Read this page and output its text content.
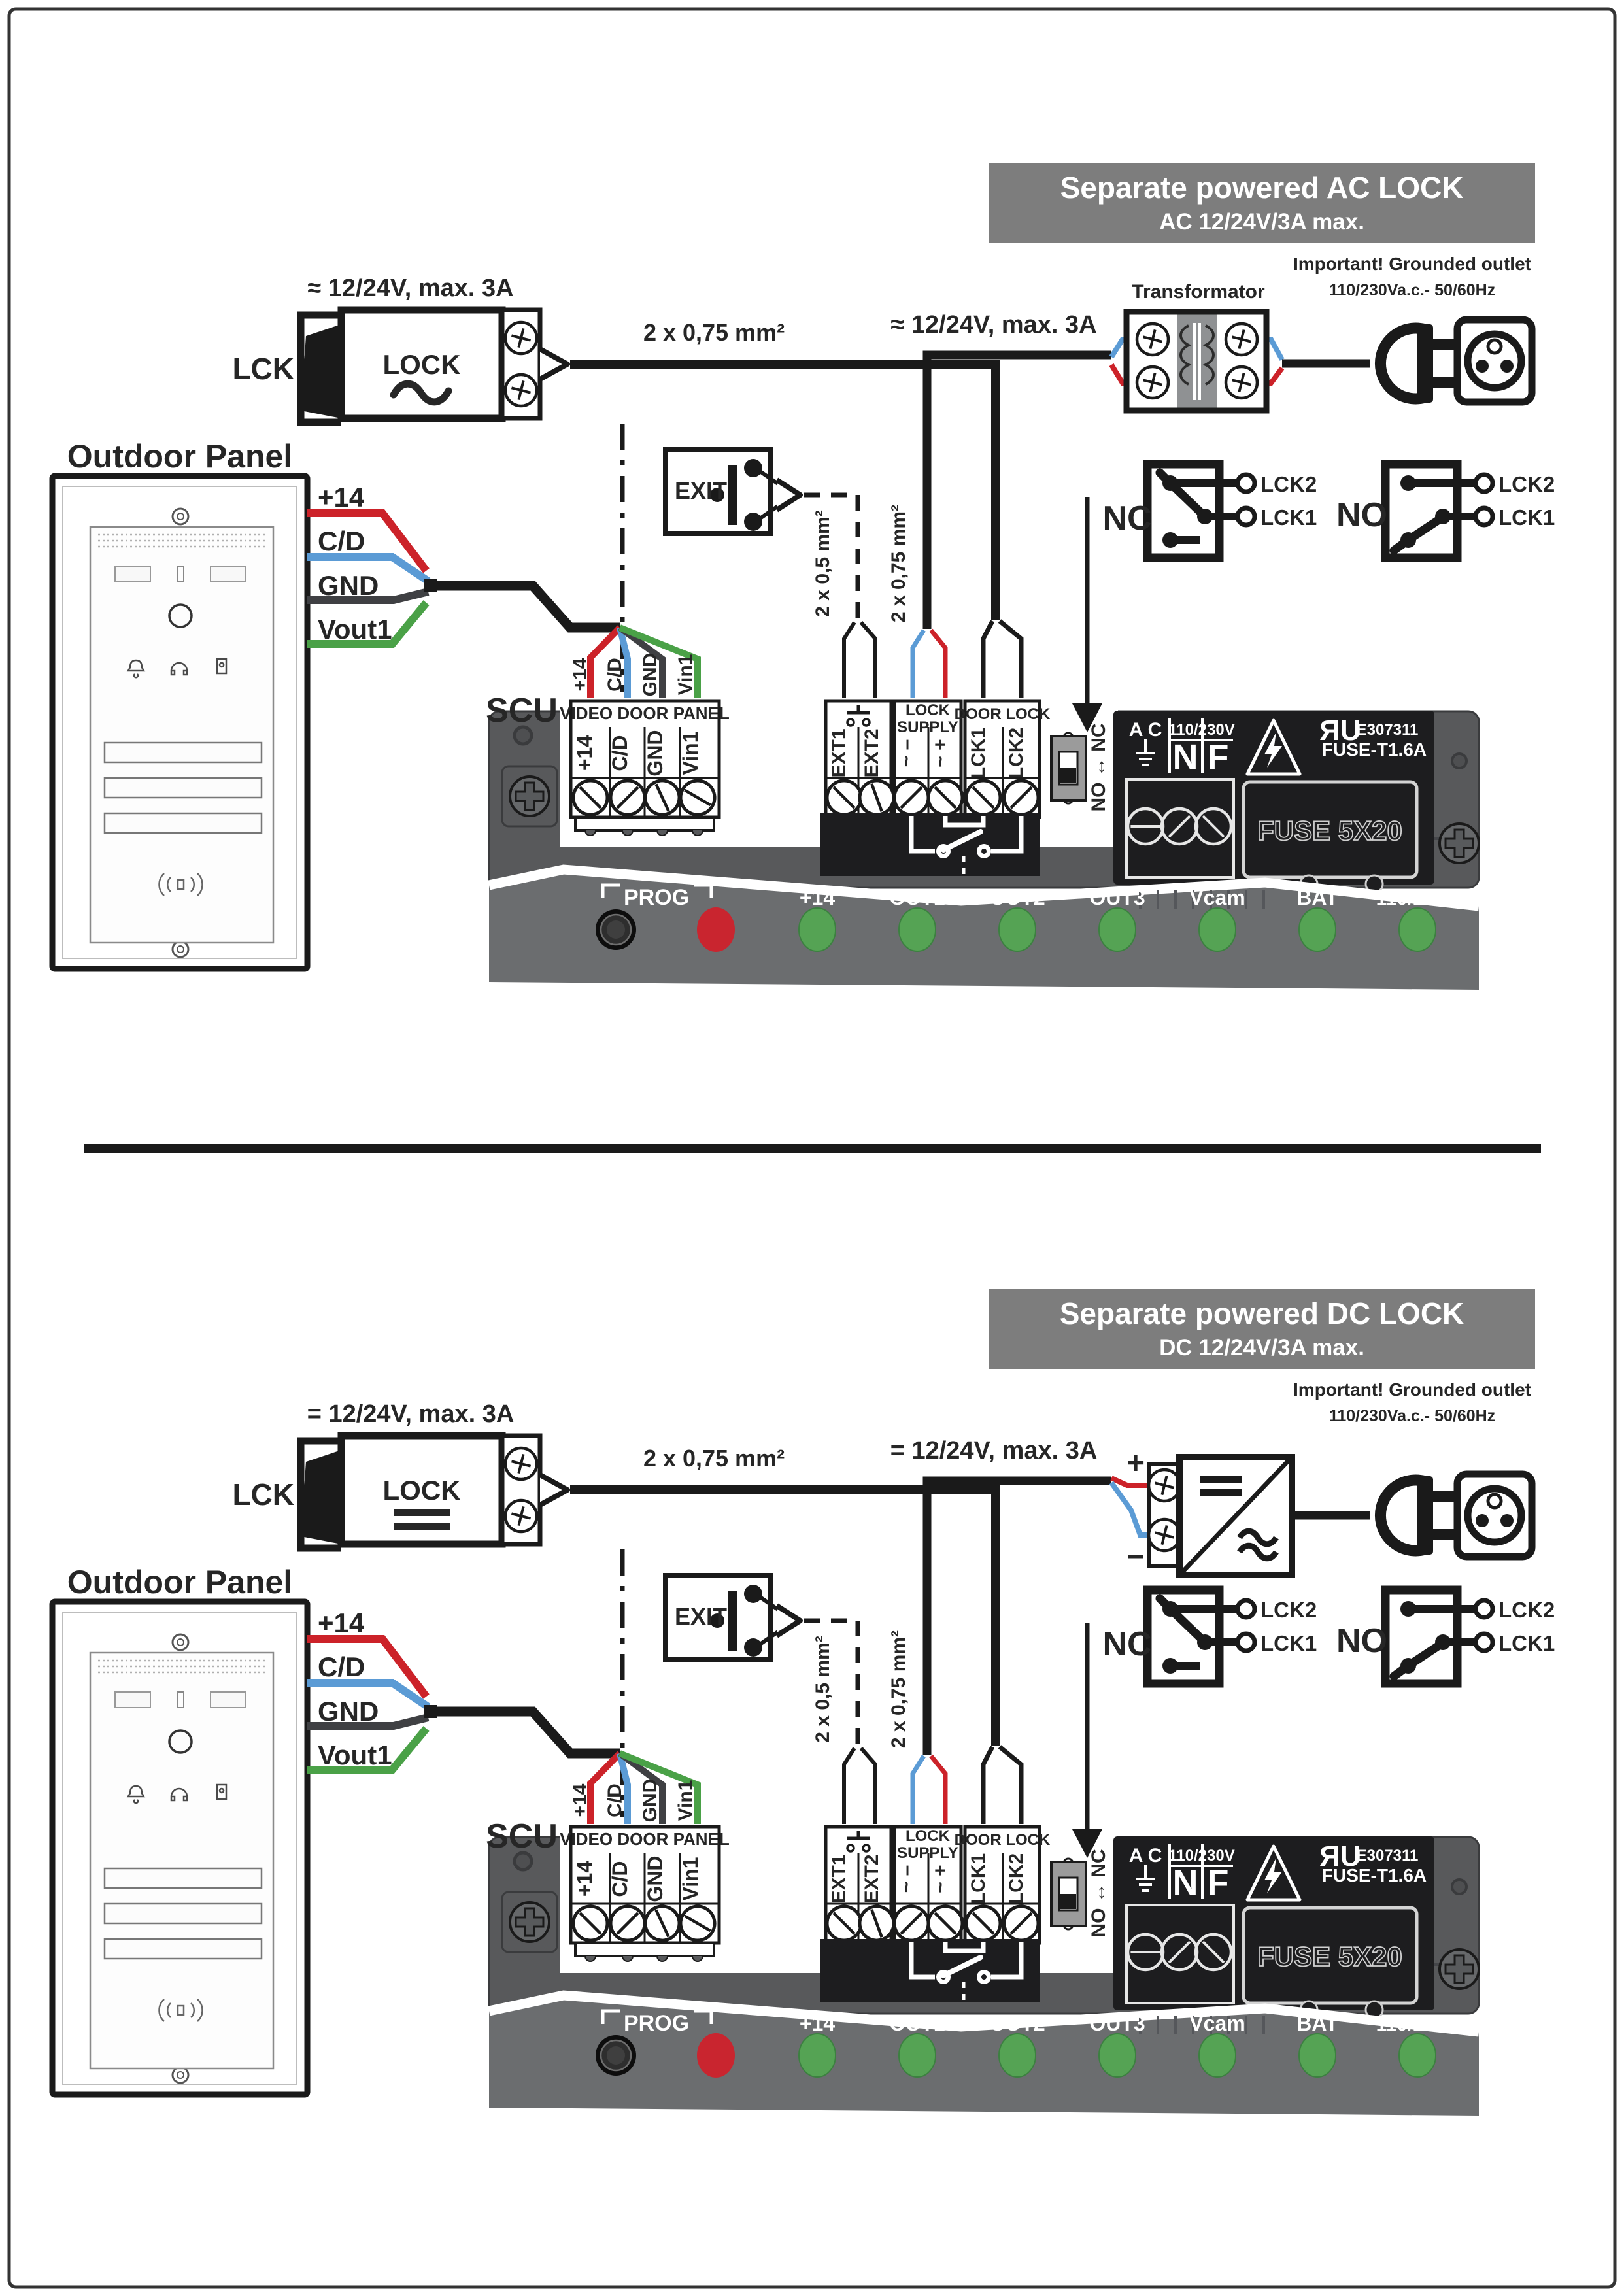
Separate powered AC LOCK
AC 12/24V/3A max.
Important! Grounded outlet
110/230Va.c.- 50/60Hz
Transformator
≈ 12/24V, max. 3A
≈ 12/24V, max. 3A
2 x 0,75 mm²
LCK	LOCK
Outdoor Panel
+14
C/D
GND
Vout1
EXIT
2 x 0,5 mm²	2 x 0,75 mm²
SCU
+14 C/D GND Vin1
VIDEO DOOR PANEL
+14 C/D GND Vin1	EXT1 EXT2
LOCK
SUPPLY
~ – ~ +
DOOR LOCK
LCK1 LCK2	NO ↔ NC A C 110/230V
N F
ЯU
E307311
FUSE-T1.6A
FUSE 5X20
PROG	+14	OUT1 OUT2 OUT3 Vcam BAT 110/230V
NC	NO
LCK2
LCK1
LCK2
LCK1
Separate powered DC LOCK
DC 12/24V/3A max.
Important! Grounded outlet
110/230Va.c.- 50/60Hz
+
–
= 12/24V, max. 3A
= 12/24V, max. 3A
2 x 0,75 mm²
LCK	LOCK
Outdoor Panel
+14
C/D
GND
Vout1
EXIT
2 x 0,5 mm²	2 x 0,75 mm²
SCU
+14 C/D GND Vin1
VIDEO DOOR PANEL
+14 C/D GND Vin1	EXT1 EXT2
LOCK
SUPPLY
~ – ~ +
DOOR LOCK
LCK1 LCK2	NO ↔ NC A C 110/230V
N F
ЯU
E307311
FUSE-T1.6A
FUSE 5X20
PROG	+14	OUT1 OUT2 OUT3 Vcam BAT 110/230V
NC	NO
LCK2
LCK1
LCK2
LCK1
